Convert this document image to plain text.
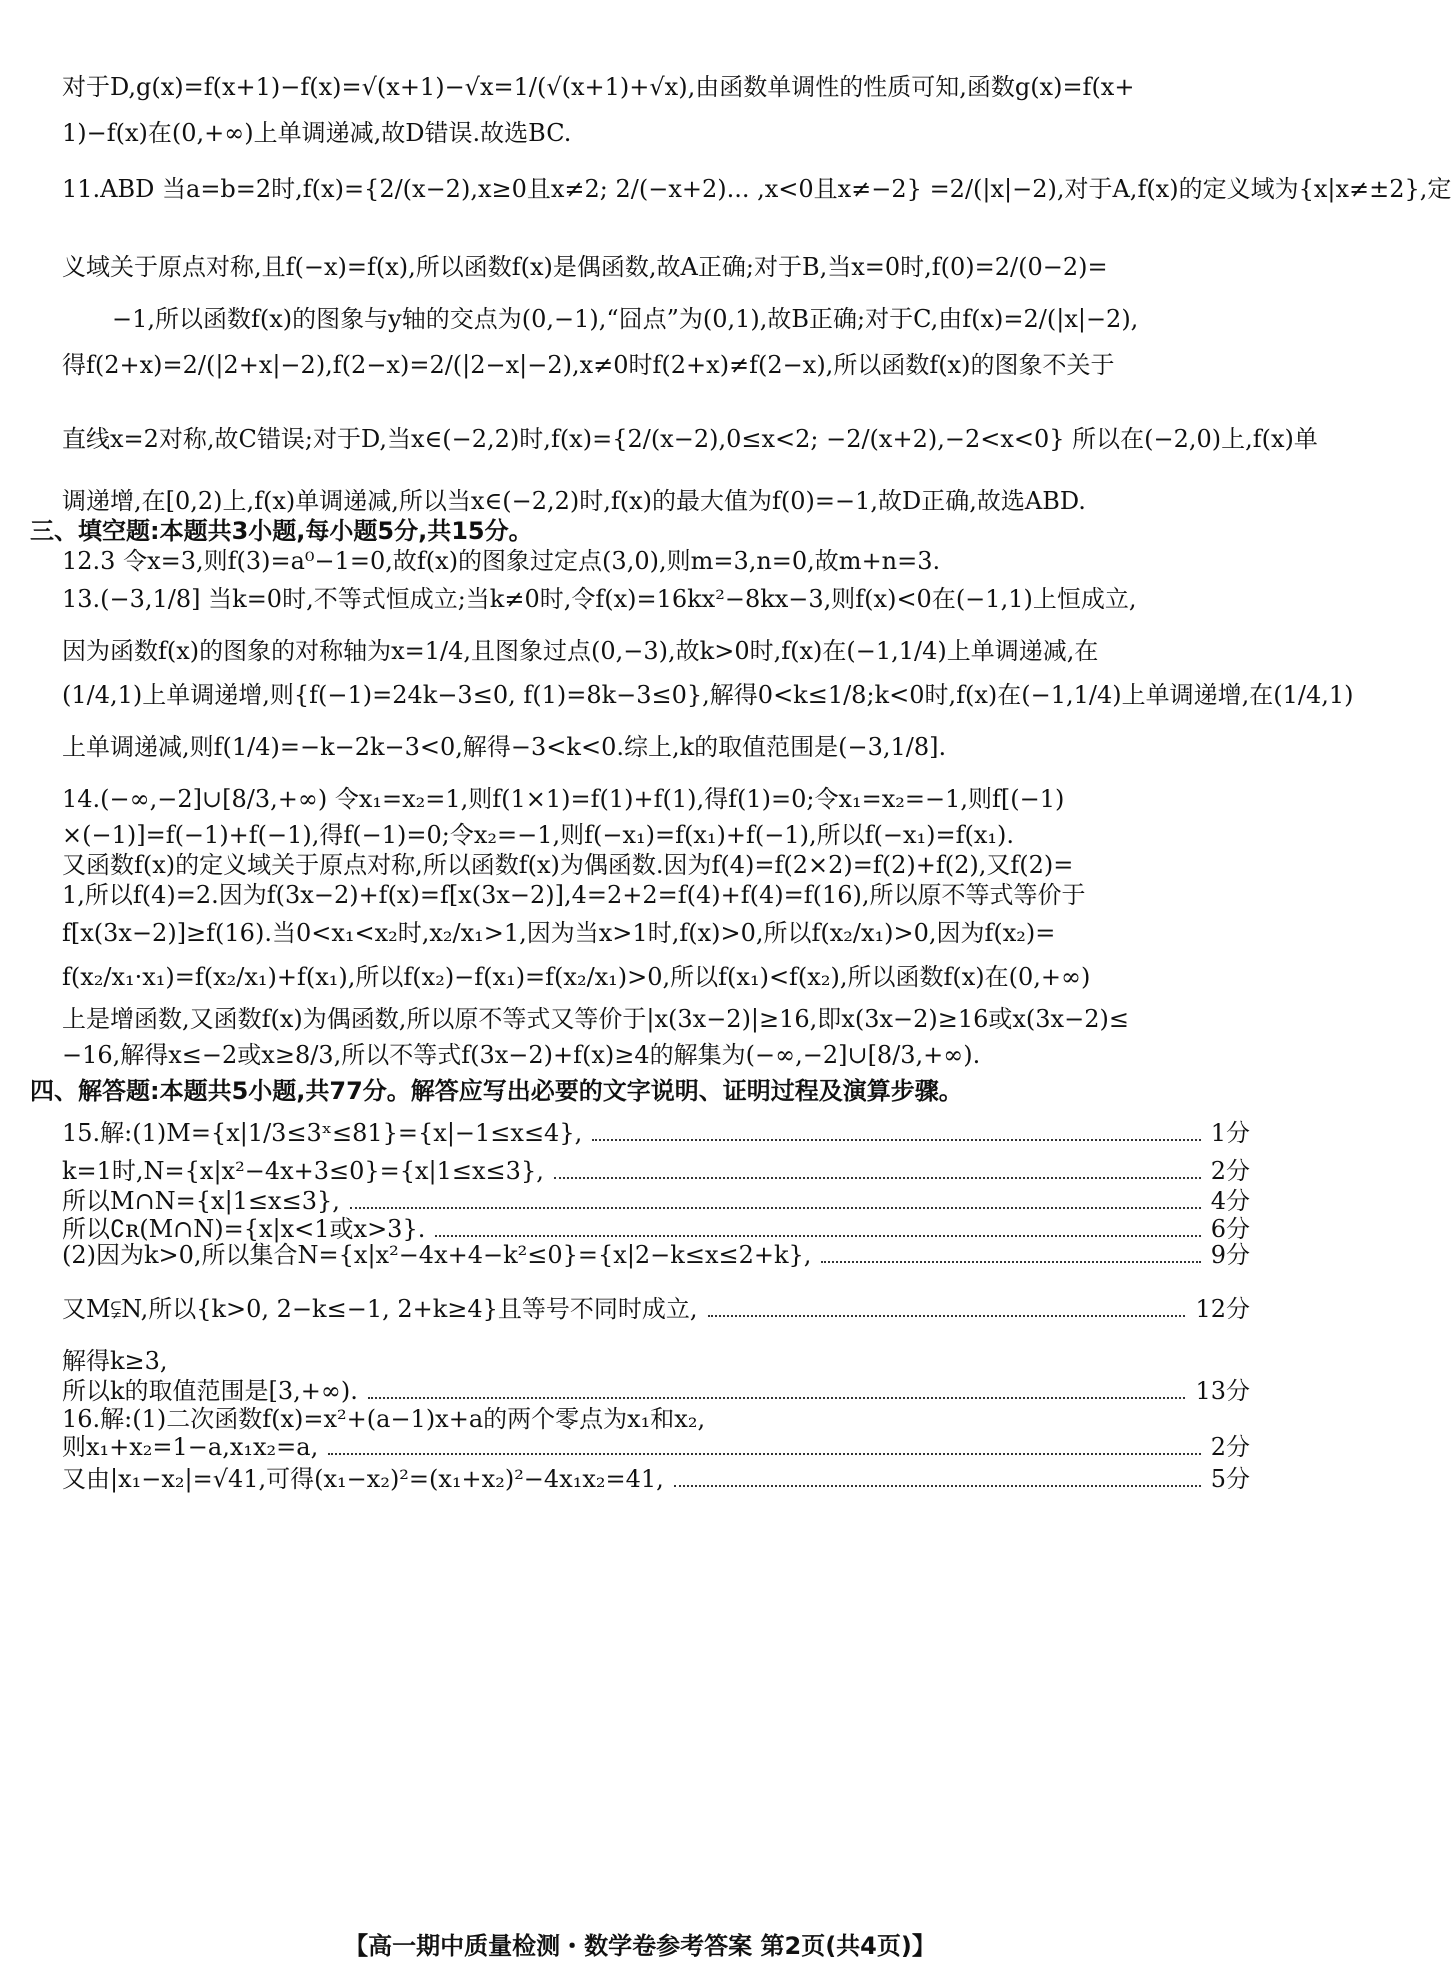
对于D,g(x)=f(x+1)−f(x)=√(x+1)−√x=1/(√(x+1)+√x),由函数单调性的性质可知,函数g(x)=f(x+
1)−f(x)在(0,+∞)上单调递减,故D错误.故选BC.
11.ABD 当a=b=2时,f(x)={2/(x−2),x≥0且x≠2; 2/(−x+2)... ,x<0且x≠−2} =2/(|x|−2),对于A,f(x)的定义域为{x|x≠±2},定
义域关于原点对称,且f(−x)=f(x),所以函数f(x)是偶函数,故A正确;对于B,当x=0时,f(0)=2/(0−2)=
−1,所以函数f(x)的图象与y轴的交点为(0,−1),“囧点”为(0,1),故B正确;对于C,由f(x)=2/(|x|−2),
得f(2+x)=2/(|2+x|−2),f(2−x)=2/(|2−x|−2),x≠0时f(2+x)≠f(2−x),所以函数f(x)的图象不关于
直线x=2对称,故C错误;对于D,当x∈(−2,2)时,f(x)={2/(x−2),0≤x<2; −2/(x+2),−2<x<0} 所以在(−2,0)上,f(x)单
调递增,在[0,2)上,f(x)单调递减,所以当x∈(−2,2)时,f(x)的最大值为f(0)=−1,故D正确,故选ABD.
三、填空题:本题共3小题,每小题5分,共15分。
12.3 令x=3,则f(3)=a⁰−1=0,故f(x)的图象过定点(3,0),则m=3,n=0,故m+n=3.
13.(−3,1/8] 当k=0时,不等式恒成立;当k≠0时,令f(x)=16kx²−8kx−3,则f(x)<0在(−1,1)上恒成立,
因为函数f(x)的图象的对称轴为x=1/4,且图象过点(0,−3),故k>0时,f(x)在(−1,1/4)上单调递减,在
(1/4,1)上单调递增,则{f(−1)=24k−3≤0, f(1)=8k−3≤0},解得0<k≤1/8;k<0时,f(x)在(−1,1/4)上单调递增,在(1/4,1)
上单调递减,则f(1/4)=−k−2k−3<0,解得−3<k<0.综上,k的取值范围是(−3,1/8].
14.(−∞,−2]∪[8/3,+∞) 令x₁=x₂=1,则f(1×1)=f(1)+f(1),得f(1)=0;令x₁=x₂=−1,则f[(−1)
×(−1)]=f(−1)+f(−1),得f(−1)=0;令x₂=−1,则f(−x₁)=f(x₁)+f(−1),所以f(−x₁)=f(x₁).
又函数f(x)的定义域关于原点对称,所以函数f(x)为偶函数.因为f(4)=f(2×2)=f(2)+f(2),又f(2)=
1,所以f(4)=2.因为f(3x−2)+f(x)=f[x(3x−2)],4=2+2=f(4)+f(4)=f(16),所以原不等式等价于
f[x(3x−2)]≥f(16).当0<x₁<x₂时,x₂/x₁>1,因为当x>1时,f(x)>0,所以f(x₂/x₁)>0,因为f(x₂)=
f(x₂/x₁·x₁)=f(x₂/x₁)+f(x₁),所以f(x₂)−f(x₁)=f(x₂/x₁)>0,所以f(x₁)<f(x₂),所以函数f(x)在(0,+∞)
上是增函数,又函数f(x)为偶函数,所以原不等式又等价于|x(3x−2)|≥16,即x(3x−2)≥16或x(3x−2)≤
−16,解得x≤−2或x≥8/3,所以不等式f(3x−2)+f(x)≥4的解集为(−∞,−2]∪[8/3,+∞).
四、解答题:本题共5小题,共77分。解答应写出必要的文字说明、证明过程及演算步骤。
15.解:(1)M={x|1/3≤3ˣ≤81}={x|−1≤x≤4},	1分
k=1时,N={x|x²−4x+3≤0}={x|1≤x≤3},	2分
所以M∩N={x|1≤x≤3},	4分
所以∁ʀ(M∩N)={x|x<1或x>3}.	6分
(2)因为k>0,所以集合N={x|x²−4x+4−k²≤0}={x|2−k≤x≤2+k},	9分
又M⫋N,所以{k>0, 2−k≤−1, 2+k≥4}且等号不同时成立,	12分
解得k≥3,
所以k的取值范围是[3,+∞).	13分
16.解:(1)二次函数f(x)=x²+(a−1)x+a的两个零点为x₁和x₂,
则x₁+x₂=1−a,x₁x₂=a,	2分
又由|x₁−x₂|=√41,可得(x₁−x₂)²=(x₁+x₂)²−4x₁x₂=41,	5分
【高一期中质量检测・数学卷参考答案 第2页(共4页)】
